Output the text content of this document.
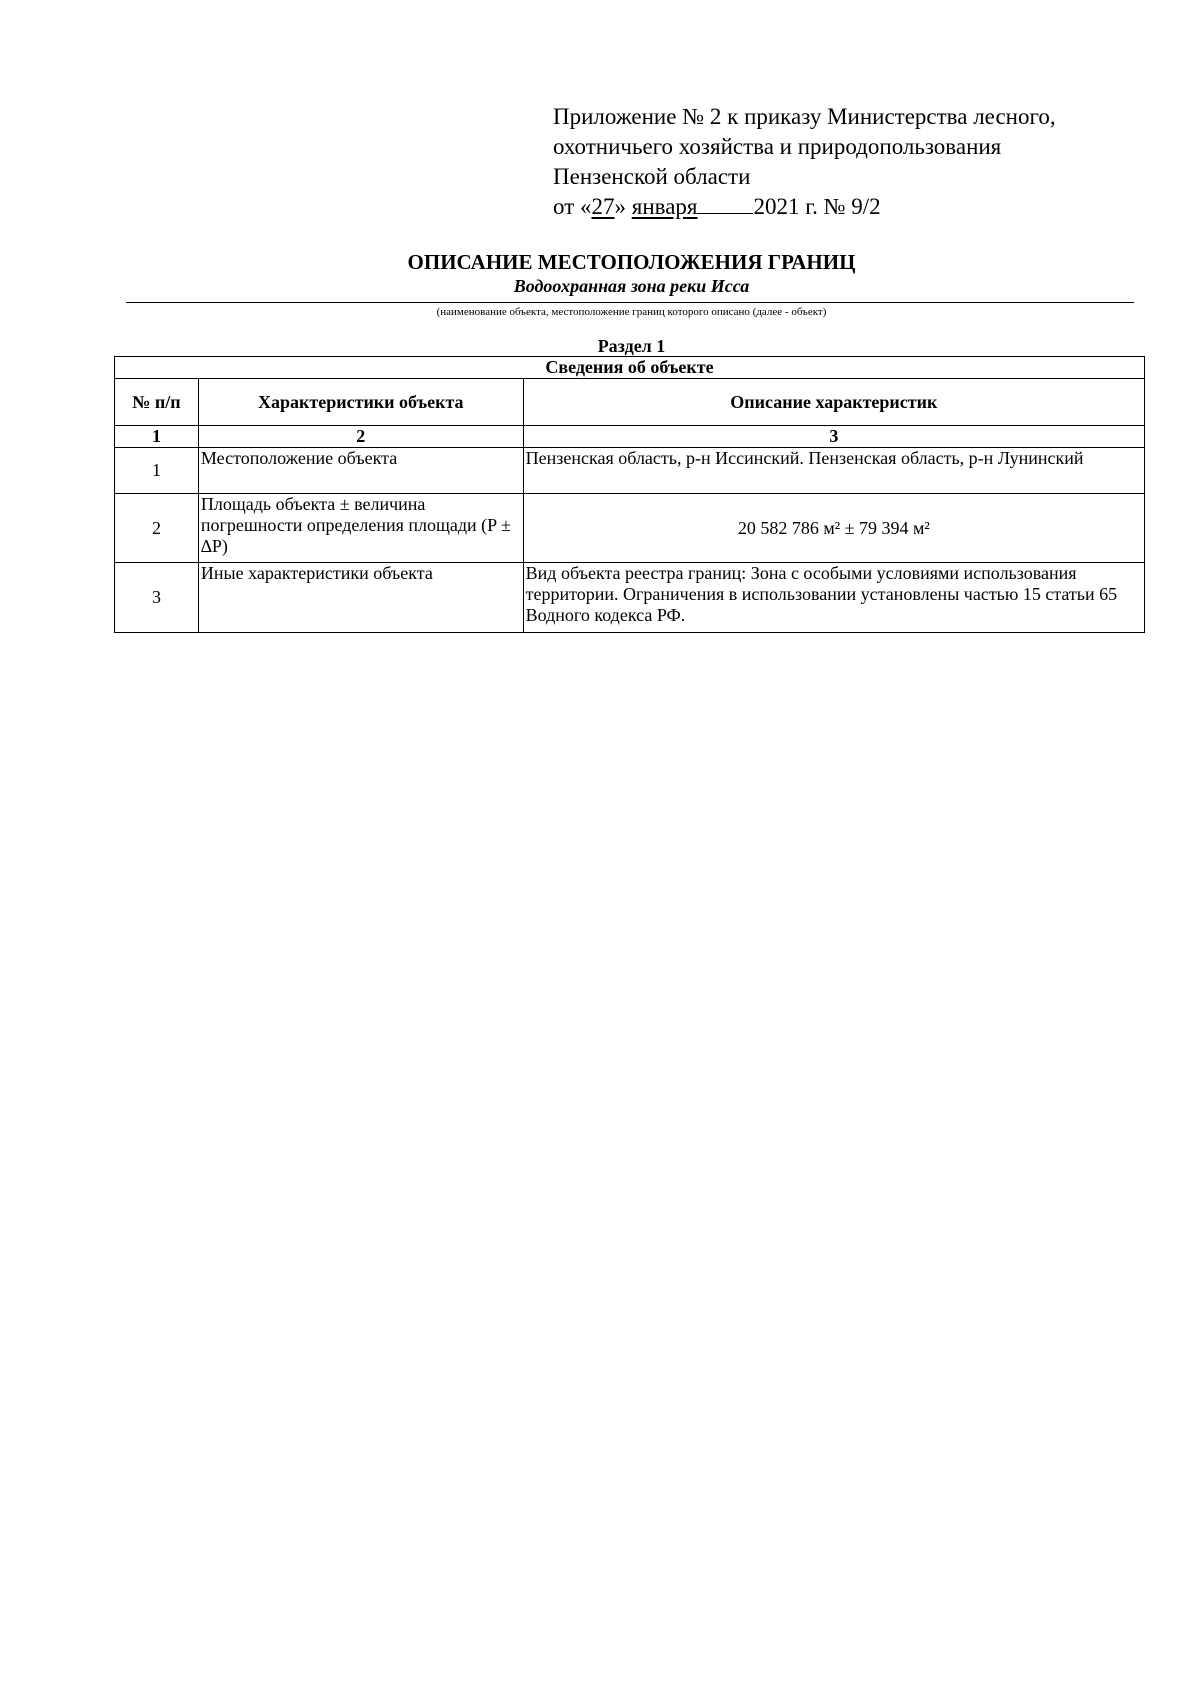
Приложение № 2 к приказу Министерства лесного,
охотничьего хозяйства и природопользования
Пензенской области
от «27» января 2021 г. № 9/2
ОПИСАНИЕ МЕСТОПОЛОЖЕНИЯ ГРАНИЦ
Водоохранная зона реки Исса
(наименование объекта, местоположение границ которого описано (далее - объект)
Раздел 1
Сведения об объекте		
№ п/п	Характеристики объекта	Описание характеристик
1	2	3
1	Местоположение объекта	Пензенская область, р-н Иссинский. Пензенская область, р-н Лунинский
2	Площадь объекта ± величина погрешности определения площади (P ± ∆P)	20 582 786 м² ± 79 394 м²
3	Иные характеристики объекта	Вид объекта реестра границ: Зона с особыми условиями использования территории. Ограничения в использовании установлены частью 15 статьи 65 Водного кодекса РФ.
